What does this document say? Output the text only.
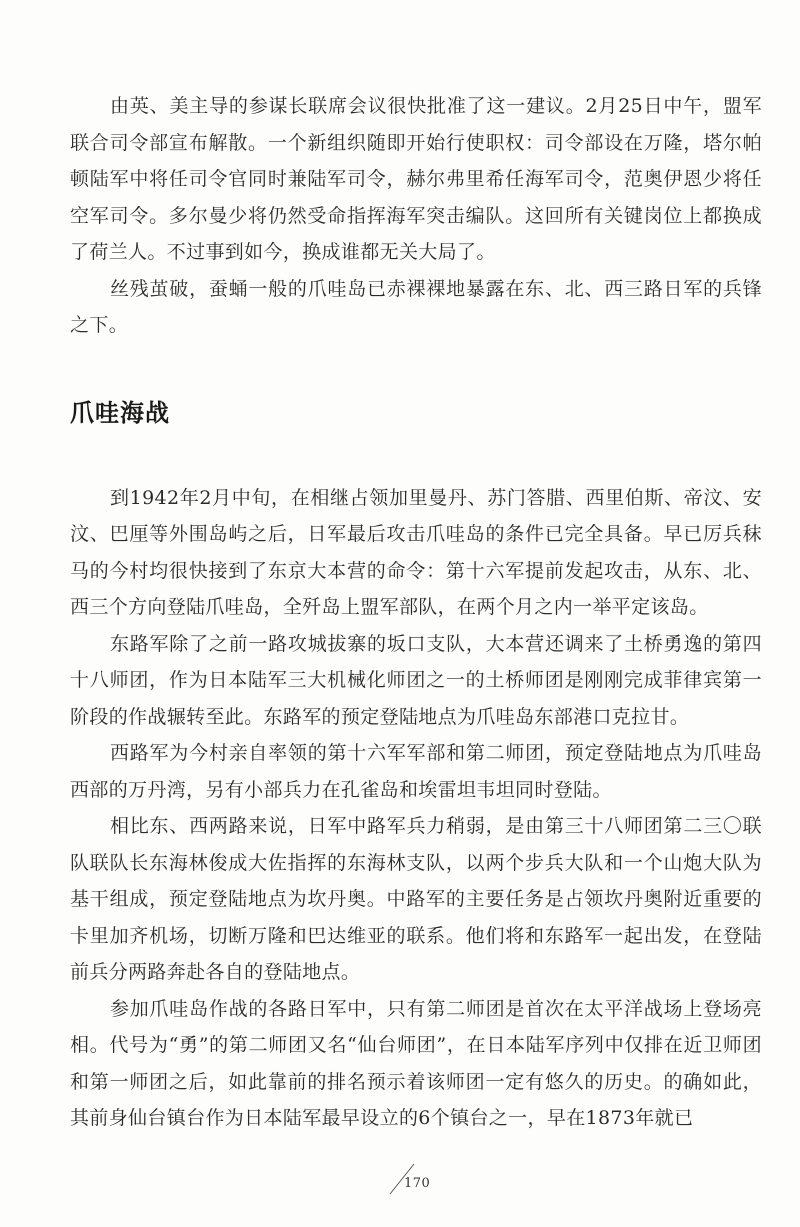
由英、美主导的参谋长联席会议很快批准了这一建议。2月25日中午，盟军联合司令部宣布解散。一个新组织随即开始行使职权：司令部设在万隆，塔尔帕顿陆军中将任司令官同时兼陆军司令，赫尔弗里希任海军司令，范奥伊恩少将任空军司令。多尔曼少将仍然受命指挥海军突击编队。这回所有关键岗位上都换成了荷兰人。不过事到如今，换成谁都无关大局了。

丝残茧破，蚕蛹一般的爪哇岛已赤裸裸地暴露在东、北、西三路日军的兵锋之下。

爪哇海战

到1942年2月中旬，在相继占领加里曼丹、苏门答腊、西里伯斯、帝汶、安汶、巴厘等外围岛屿之后，日军最后攻击爪哇岛的条件已完全具备。早已厉兵秣马的今村均很快接到了东京大本营的命令：第十六军提前发起攻击，从东、北、西三个方向登陆爪哇岛，全歼岛上盟军部队，在两个月之内一举平定该岛。

东路军除了之前一路攻城拔寨的坂口支队，大本营还调来了土桥勇逸的第四十八师团，作为日本陆军三大机械化师团之一的土桥师团是刚刚完成菲律宾第一阶段的作战辗转至此。东路军的预定登陆地点为爪哇岛东部港口克拉甘。

西路军为今村亲自率领的第十六军军部和第二师团，预定登陆地点为爪哇岛西部的万丹湾，另有小部兵力在孔雀岛和埃雷坦韦坦同时登陆。

相比东、西两路来说，日军中路军兵力稍弱，是由第三十八师团第二三〇联队联队长东海林俊成大佐指挥的东海林支队，以两个步兵大队和一个山炮大队为基干组成，预定登陆地点为坎丹奥。中路军的主要任务是占领坎丹奥附近重要的卡里加齐机场，切断万隆和巴达维亚的联系。他们将和东路军一起出发，在登陆前兵分两路奔赴各自的登陆地点。

参加爪哇岛作战的各路日军中，只有第二师团是首次在太平洋战场上登场亮相。代号为“勇”的第二师团又名“仙台师团”，在日本陆军序列中仅排在近卫师团和第一师团之后，如此靠前的排名预示着该师团一定有悠久的历史。的确如此，其前身仙台镇台作为日本陆军最早设立的6个镇台之一，早在1873年就已

170
